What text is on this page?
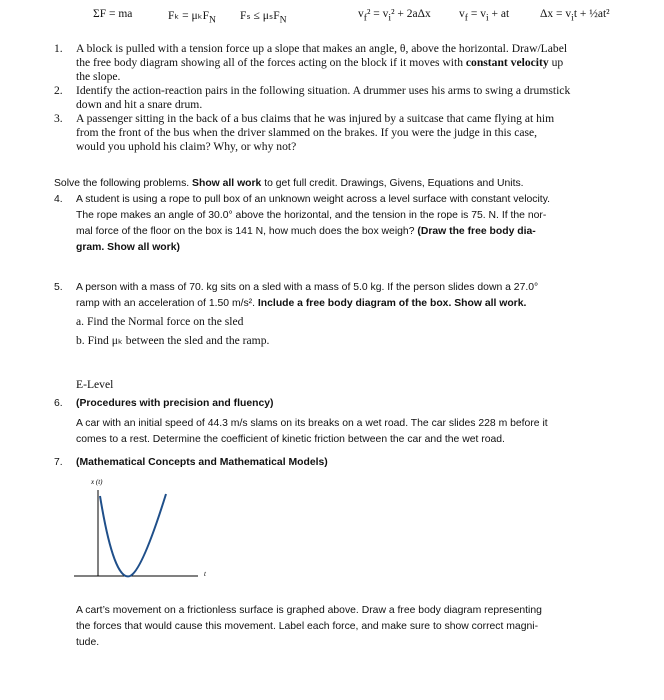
ΣF = ma	Fₖ = μₖF$_N$ Fₛ ≤ μₛF$_N$	$v_f^2 = v_i^2 + 2a\Delta x$ $v_f = v_i$ + at	$\Delta x = v_it$ + ½at²
1. A block is pulled with a tension force up a slope that makes an angle, θ, above the horizontal. Draw/Label
the free body diagram showing all of the forces acting on the block if it moves with constant velocity up
the slope.
2. Identify the action-reaction pairs in the following situation. A drummer uses his arms to swing a drumstick
down and hit a snare drum.
3. A passenger sitting in the back of a bus claims that he was injured by a suitcase that came flying at him
from the front of the bus when the driver slammed on the brakes. If you were the judge in this case,
would you uphold his claim? Why, or why not?
Solve the following problems. Show all work to get full credit. Drawings, Givens, Equations and Units.
4. A student is using a rope to pull box of an unknown weight across a level surface with constant velocity.
The rope makes an angle of 30.0° above the horizontal, and the tension in the rope is 75. N. If the nor-
mal force of the floor on the box is 141 N, how much does the box weigh? (Draw the free body dia-
gram. Show all work)
5. A person with a mass of 70. kg sits on a sled with a mass of 5.0 kg. If the person slides down a 27.0°
ramp with an acceleration of 1.50 m/s². Include a free body diagram of the box. Show all work.
a. Find the Normal force on the sled
b. Find μₖ between the sled and the ramp.
E-Level
6. (Procedures with precision and fluency)
A car with an initial speed of 44.3 m/s slams on its breaks on a wet road. The car slides 228 m before it
comes to a rest. Determine the coefficient of kinetic friction between the car and the wet road.
7. (Mathematical Concepts and Mathematical Models)
x (t)
t
A cart’s movement on a frictionless surface is graphed above. Draw a free body diagram representing
the forces that would cause this movement. Label each force, and make sure to show correct magni-
tude.
